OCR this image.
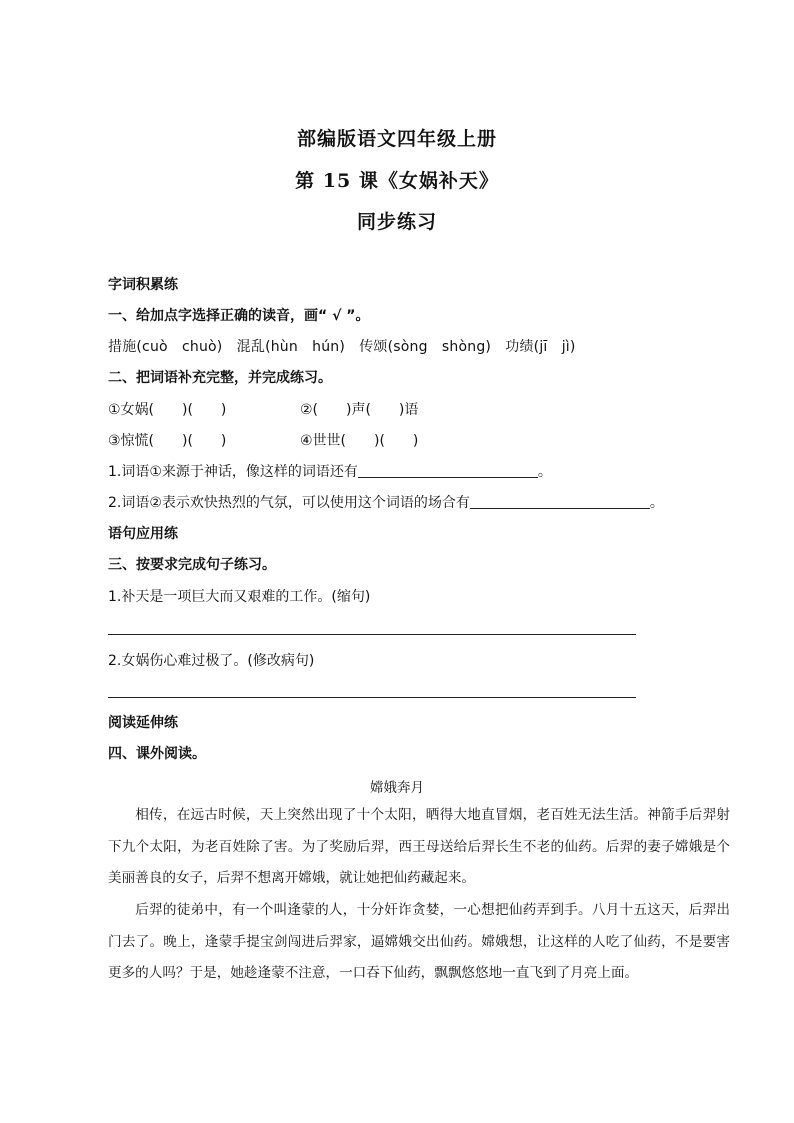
部编版语文四年级上册
第 15 课《女娲补天》
同步练习
字词积累练
一、给加点字选择正确的读音，画“ √ ”。
措施(cuò　chuò)　混乱(hùn　hún)　传颂(sòng　shòng)　功绩(jī　jì)
二、把词语补充完整，并完成练习。
①女娲(　　)(　　)	②(　　)声(　　)语
③惊慌(　　)(　　)	④世世(　　)(　　)
1.词语①来源于神话，像这样的词语还有	。
2.词语②表示欢快热烈的气氛，可以使用这个词语的场合有	。
语句应用练
三、按要求完成句子练习。
1.补天是一项巨大而又艰难的工作。(缩句)
2.女娲伤心难过极了。(修改病句)
阅读延伸练
四、课外阅读。
嫦娥奔月

相传，在远古时候，天上突然出现了十个太阳，晒得大地直冒烟，老百姓无法生活。神箭手后羿射下九个太阳，为老百姓除了害。为了奖励后羿，西王母送给后羿长生不老的仙药。后羿的妻子嫦娥是个美丽善良的女子，后羿不想离开嫦娥，就让她把仙药藏起来。

后羿的徒弟中，有一个叫逢蒙的人，十分奸诈贪婪，一心想把仙药弄到手。八月十五这天，后羿出门去了。晚上，逢蒙手提宝剑闯进后羿家，逼嫦娥交出仙药。嫦娥想，让这样的人吃了仙药，不是要害更多的人吗？于是，她趁逢蒙不注意，一口吞下仙药，飘飘悠悠地一直飞到了月亮上面。
